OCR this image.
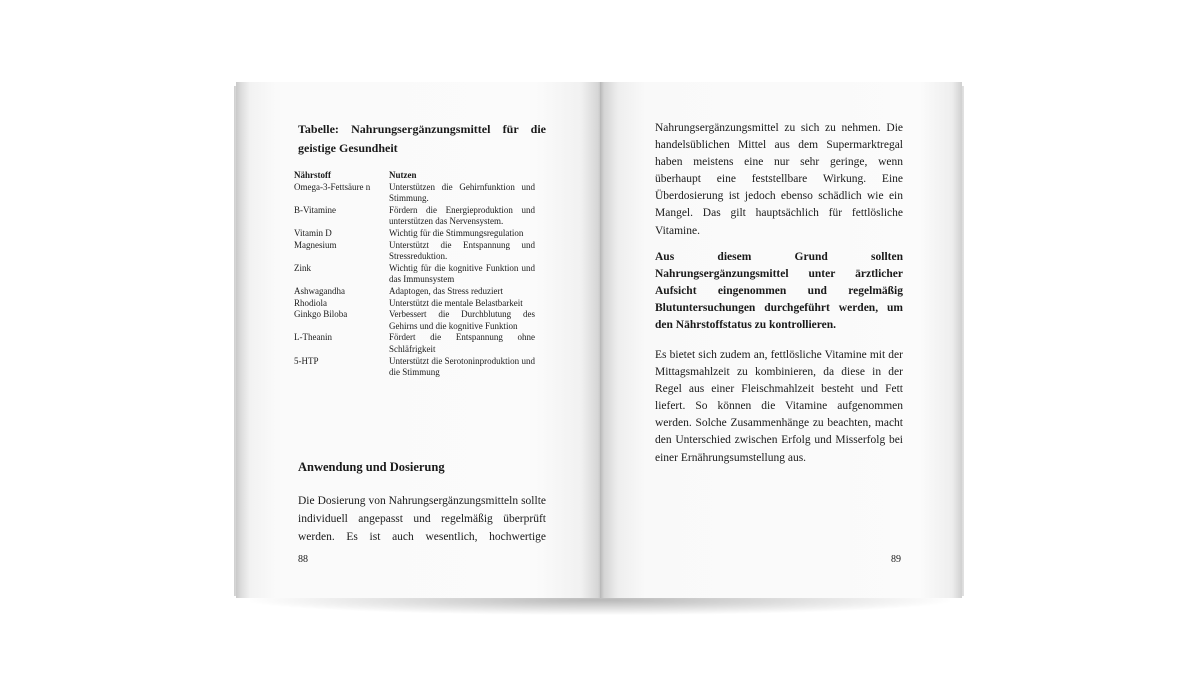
Tabelle: Nahrungsergänzungsmittel für die geistige Gesundheit

Nährstoff	Nutzen
Omega-3-Fettsäure n	Unterstützen die Gehirnfunktion und Stimmung.
B-Vitamine	Fördern die Energieproduktion und unterstützen das Nervensystem.
Vitamin D	Wichtig für die Stimmungsregulation
Magnesium	Unterstützt die Entspannung und Stressreduktion.
Zink	Wichtig für die kognitive Funktion und das Immunsystem
Ashwagandha	Adaptogen, das Stress reduziert
Rhodiola	Unterstützt die mentale Belastbarkeit
Ginkgo Biloba	Verbessert die Durchblutung des Gehirns und die kognitive Funktion
L-Theanin	Fördert die Entspannung ohne Schläfrigkeit
5-HTP	Unterstützt die Serotoninproduktion und die Stimmung
Anwendung und Dosierung

Die Dosierung von Nahrungsergänzungsmitteln sollte individuell angepasst und regelmäßig überprüft werden. Es ist auch wesentlich, hochwertige

88

Nahrungsergänzungsmittel zu sich zu nehmen. Die handelsüblichen Mittel aus dem Supermarktregal haben meistens eine nur sehr geringe, wenn überhaupt eine feststellbare Wirkung. Eine Überdosierung ist jedoch ebenso schädlich wie ein Mangel. Das gilt hauptsächlich für fettlösliche Vitamine.

Aus diesem Grund sollten Nahrungsergänzungsmittel unter ärztlicher Aufsicht eingenommen und regelmäßig Blutuntersuchungen durchgeführt werden, um den Nährstoffstatus zu kontrollieren.

Es bietet sich zudem an, fettlösliche Vitamine mit der Mittagsmahlzeit zu kombinieren, da diese in der Regel aus einer Fleischmahlzeit besteht und Fett liefert. So können die Vitamine aufgenommen werden. Solche Zusammenhänge zu beachten, macht den Unterschied zwischen Erfolg und Misserfolg bei einer Ernährungsumstellung aus.

89
